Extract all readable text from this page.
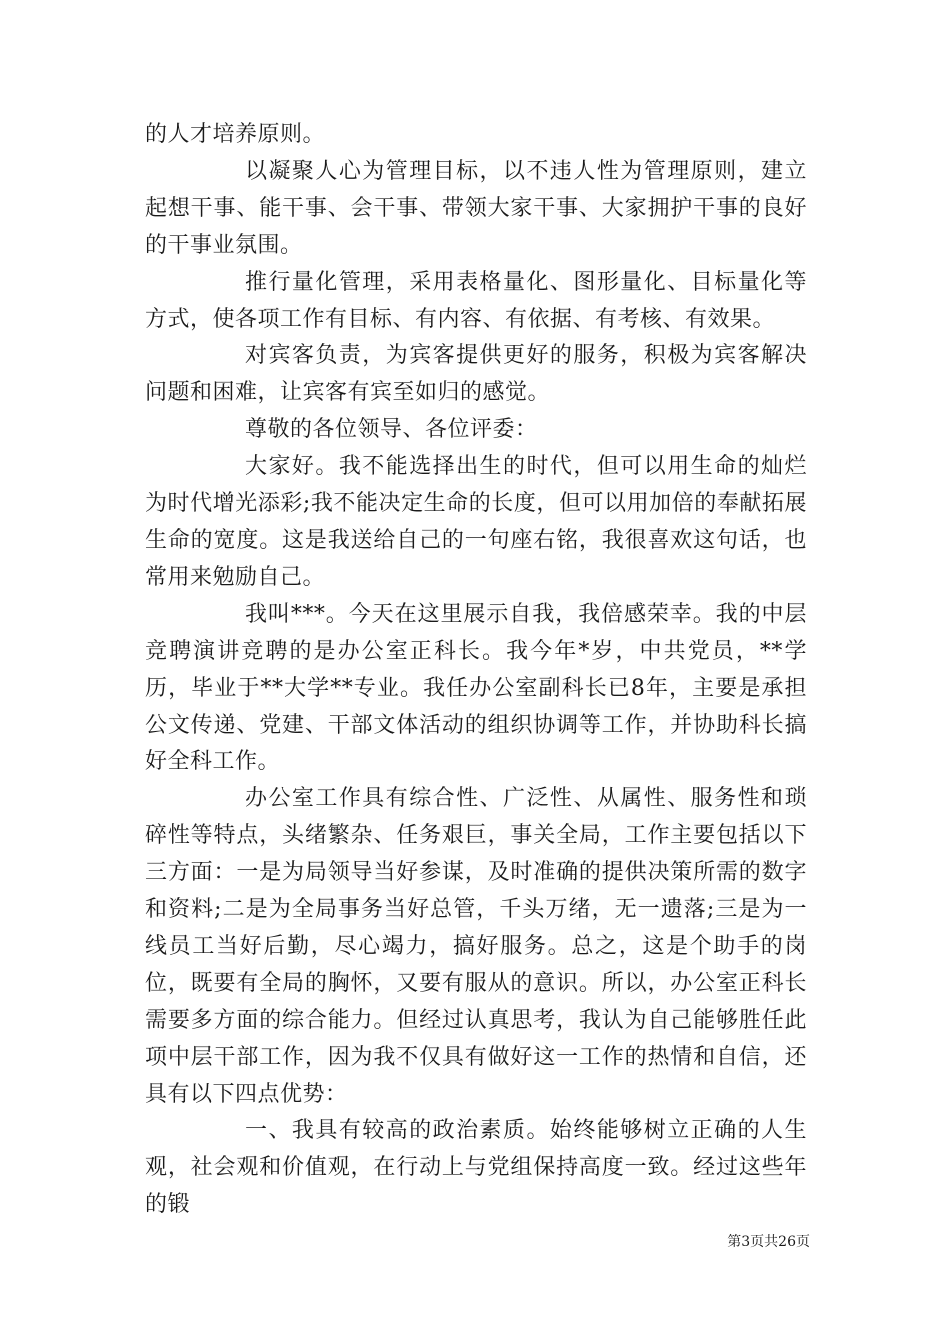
的人才培养原则。

以凝聚人心为管理目标，以不违人性为管理原则，建立起想干事、能干事、会干事、带领大家干事、大家拥护干事的良好的干事业氛围。

推行量化管理，采用表格量化、图形量化、目标量化等方式，使各项工作有目标、有内容、有依据、有考核、有效果。

对宾客负责，为宾客提供更好的服务，积极为宾客解决问题和困难，让宾客有宾至如归的感觉。

尊敬的各位领导、各位评委：

大家好。我不能选择出生的时代，但可以用生命的灿烂为时代增光添彩;我不能决定生命的长度，但可以用加倍的奉献拓展生命的宽度。这是我送给自己的一句座右铭，我很喜欢这句话，也常用来勉励自己。

我叫***。今天在这里展示自我，我倍感荣幸。我的中层竞聘演讲竞聘的是办公室正科长。我今年*岁，中共党员，**学历，毕业于**大学**专业。我任办公室副科长已8年，主要是承担公文传递、党建、干部文体活动的组织协调等工作，并协助科长搞好全科工作。

办公室工作具有综合性、广泛性、从属性、服务性和琐碎性等特点，头绪繁杂、任务艰巨，事关全局，工作主要包括以下三方面：一是为局领导当好参谋，及时准确的提供决策所需的数字和资料;二是为全局事务当好总管，千头万绪，无一遗落;三是为一线员工当好后勤，尽心竭力，搞好服务。总之，这是个助手的岗位，既要有全局的胸怀，又要有服从的意识。所以，办公室正科长需要多方面的综合能力。但经过认真思考，我认为自己能够胜任此项中层干部工作，因为我不仅具有做好这一工作的热情和自信，还具有以下四点优势：

一、我具有较高的政治素质。始终能够树立正确的人生观，社会观和价值观，在行动上与党组保持高度一致。经过这些年的锻

第3页共26页
